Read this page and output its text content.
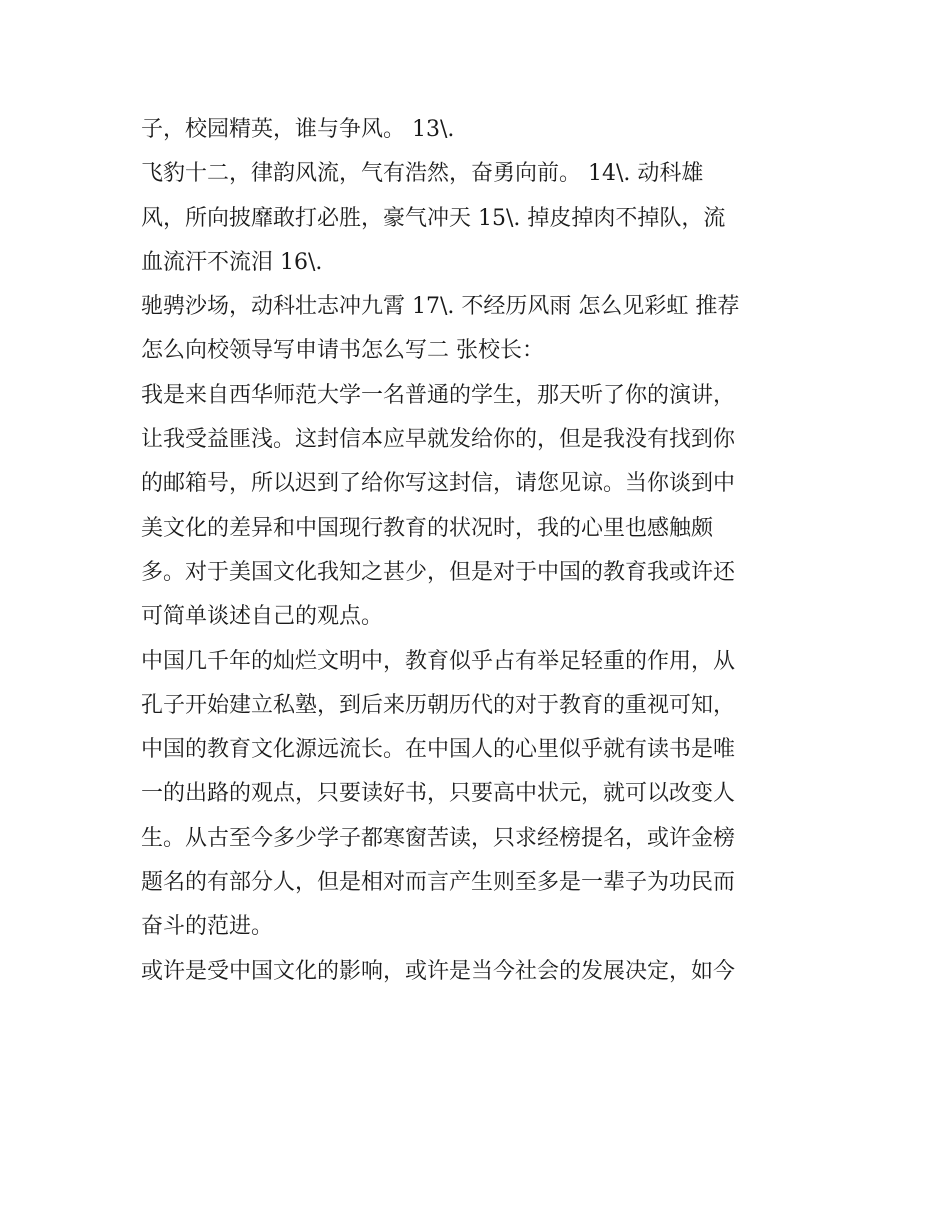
子，校园精英，谁与争风。 13\.
飞豹十二，律韵风流，气有浩然，奋勇向前。 14\. 动科雄
风，所向披靡敢打必胜，豪气冲天 15\. 掉皮掉肉不掉队，流
血流汗不流泪 16\.
驰骋沙场，动科壮志冲九霄 17\. 不经历风雨 怎么见彩虹 推荐
怎么向校领导写申请书怎么写二 张校长：
我是来自西华师范大学一名普通的学生，那天听了你的演讲，
让我受益匪浅。这封信本应早就发给你的，但是我没有找到你
的邮箱号，所以迟到了给你写这封信，请您见谅。当你谈到中
美文化的差异和中国现行教育的状况时，我的心里也感触颇
多。对于美国文化我知之甚少，但是对于中国的教育我或许还
可简单谈述自己的观点。
中国几千年的灿烂文明中，教育似乎占有举足轻重的作用，从
孔子开始建立私塾，到后来历朝历代的对于教育的重视可知，
中国的教育文化源远流长。在中国人的心里似乎就有读书是唯
一的出路的观点，只要读好书，只要高中状元，就可以改变人
生。从古至今多少学子都寒窗苦读，只求经榜提名，或许金榜
题名的有部分人，但是相对而言产生则至多是一辈子为功民而
奋斗的范进。
或许是受中国文化的影响，或许是当今社会的发展决定，如今
